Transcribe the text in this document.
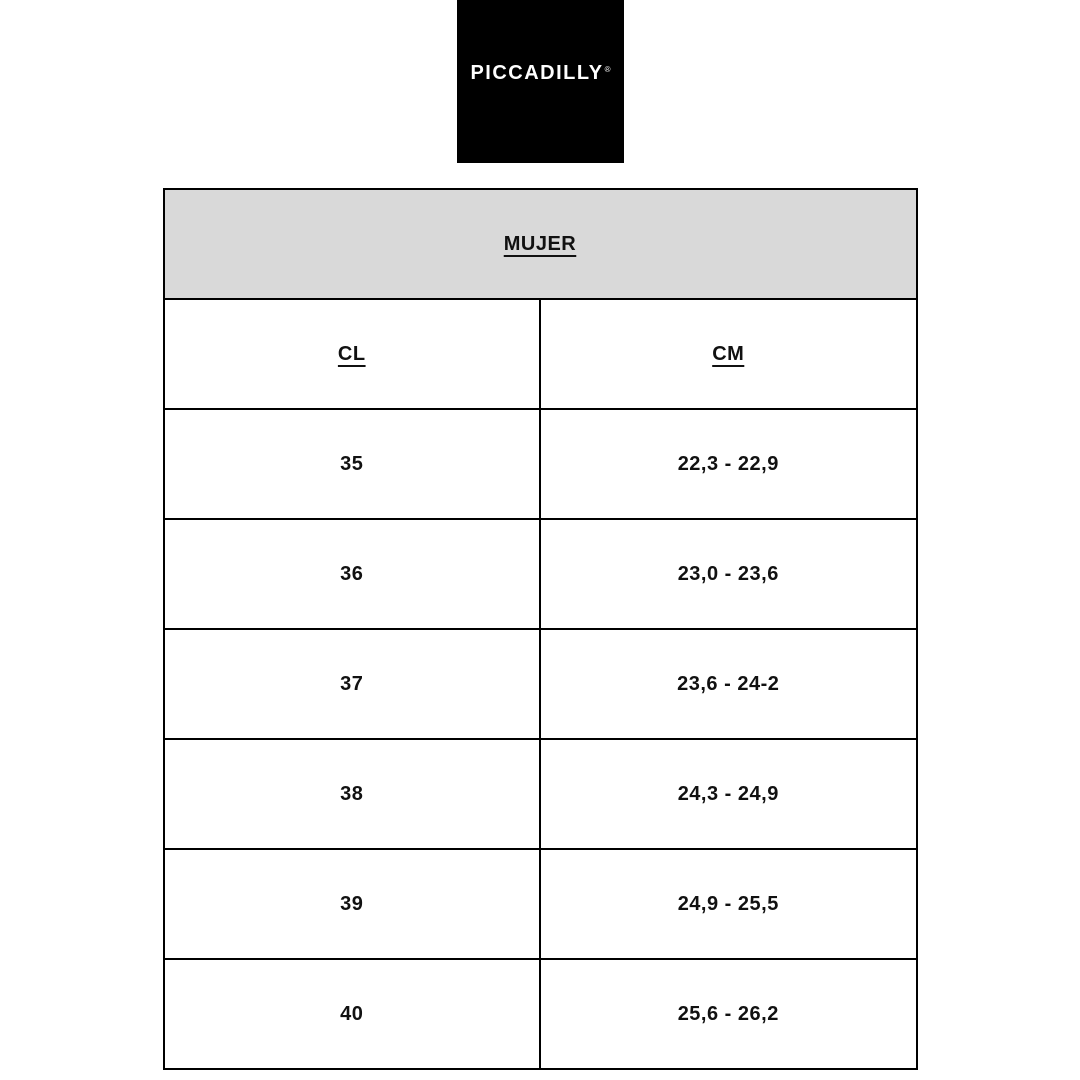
PICCADILLY®
MUJER	
CL	CM
35	22,3 - 22,9
36	23,0 - 23,6
37	23,6 - 24-2
38	24,3 - 24,9
39	24,9 - 25,5
40	25,6 - 26,2
